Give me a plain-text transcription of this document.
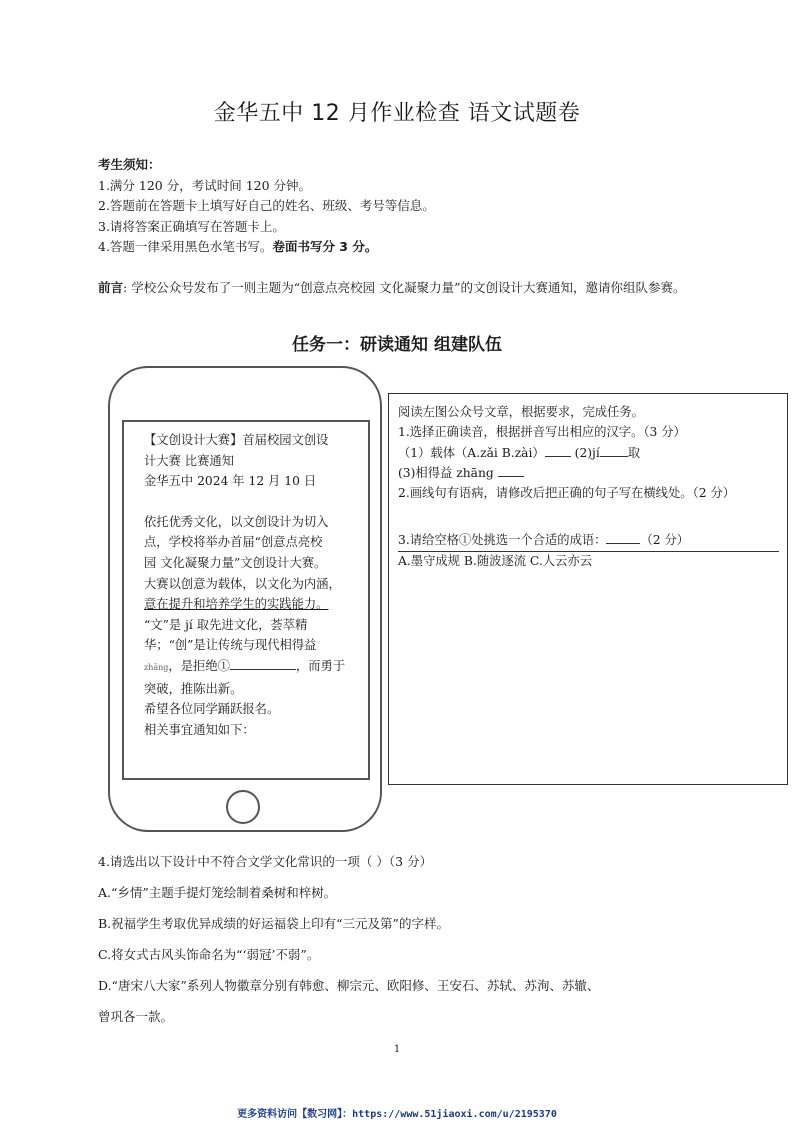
金华五中 12 月作业检查 语文试题卷
考生须知：
1.满分 120 分，考试时间 120 分钟。
2.答题前在答题卡上填写好自己的姓名、班级、考号等信息。
3.请将答案正确填写在答题卡上。
4.答题一律采用黑色水笔书写。卷面书写分 3 分。
前言: 学校公众号发布了一则主题为“创意点亮校园 文化凝聚力量”的文创设计大赛通知，邀请你组队参赛。
任务一：研读通知 组建队伍

【文创设计大赛】首届校园文创设

计大赛 比赛通知

金华五中 2024 年 12 月 10 日

依托优秀文化，以文创设计为切入

点，学校将举办首届“创意点亮校

园 文化凝聚力量”文创设计大赛。

大赛以创意为载体，以文化为内涵，

意在提升和培养学生的实践能力。

“文”是 jí 取先进文化，荟萃精

华；“创”是让传统与现代相得益

zhāng，是拒绝①	，而勇于

突破，推陈出新。

希望各位同学踊跃报名。

相关事宜通知如下：

阅读左图公众号文章，根据要求，完成任务。

1.选择正确读音，根据拼音写出相应的汉字。（3 分）

（1）载体（A.zǎi B.zài） (2)jí 取

(3)相得益 zhāng

2.画线句有语病，请修改后把正确的句子写在横线处。（2 分）

3.请给空格①处挑选一个合适的成语：	（2 分）

A.墨守成规 B.随波逐流 C.人云亦云

4.请选出以下设计中不符合文学文化常识的一项（ ）（3 分）

A.“乡情”主题手提灯笼绘制着桑树和梓树。

B.祝福学生考取优异成绩的好运福袋上印有“三元及第”的字样。

C.将女式古风头饰命名为“‘弱冠’不弱”。

D.“唐宋八大家”系列人物徽章分别有韩愈、柳宗元、欧阳修、王安石、苏轼、苏洵、苏辙、

曾巩各一款。

1
更多资料访问【数习网】：https://www.51jiaoxi.com/u/2195370
